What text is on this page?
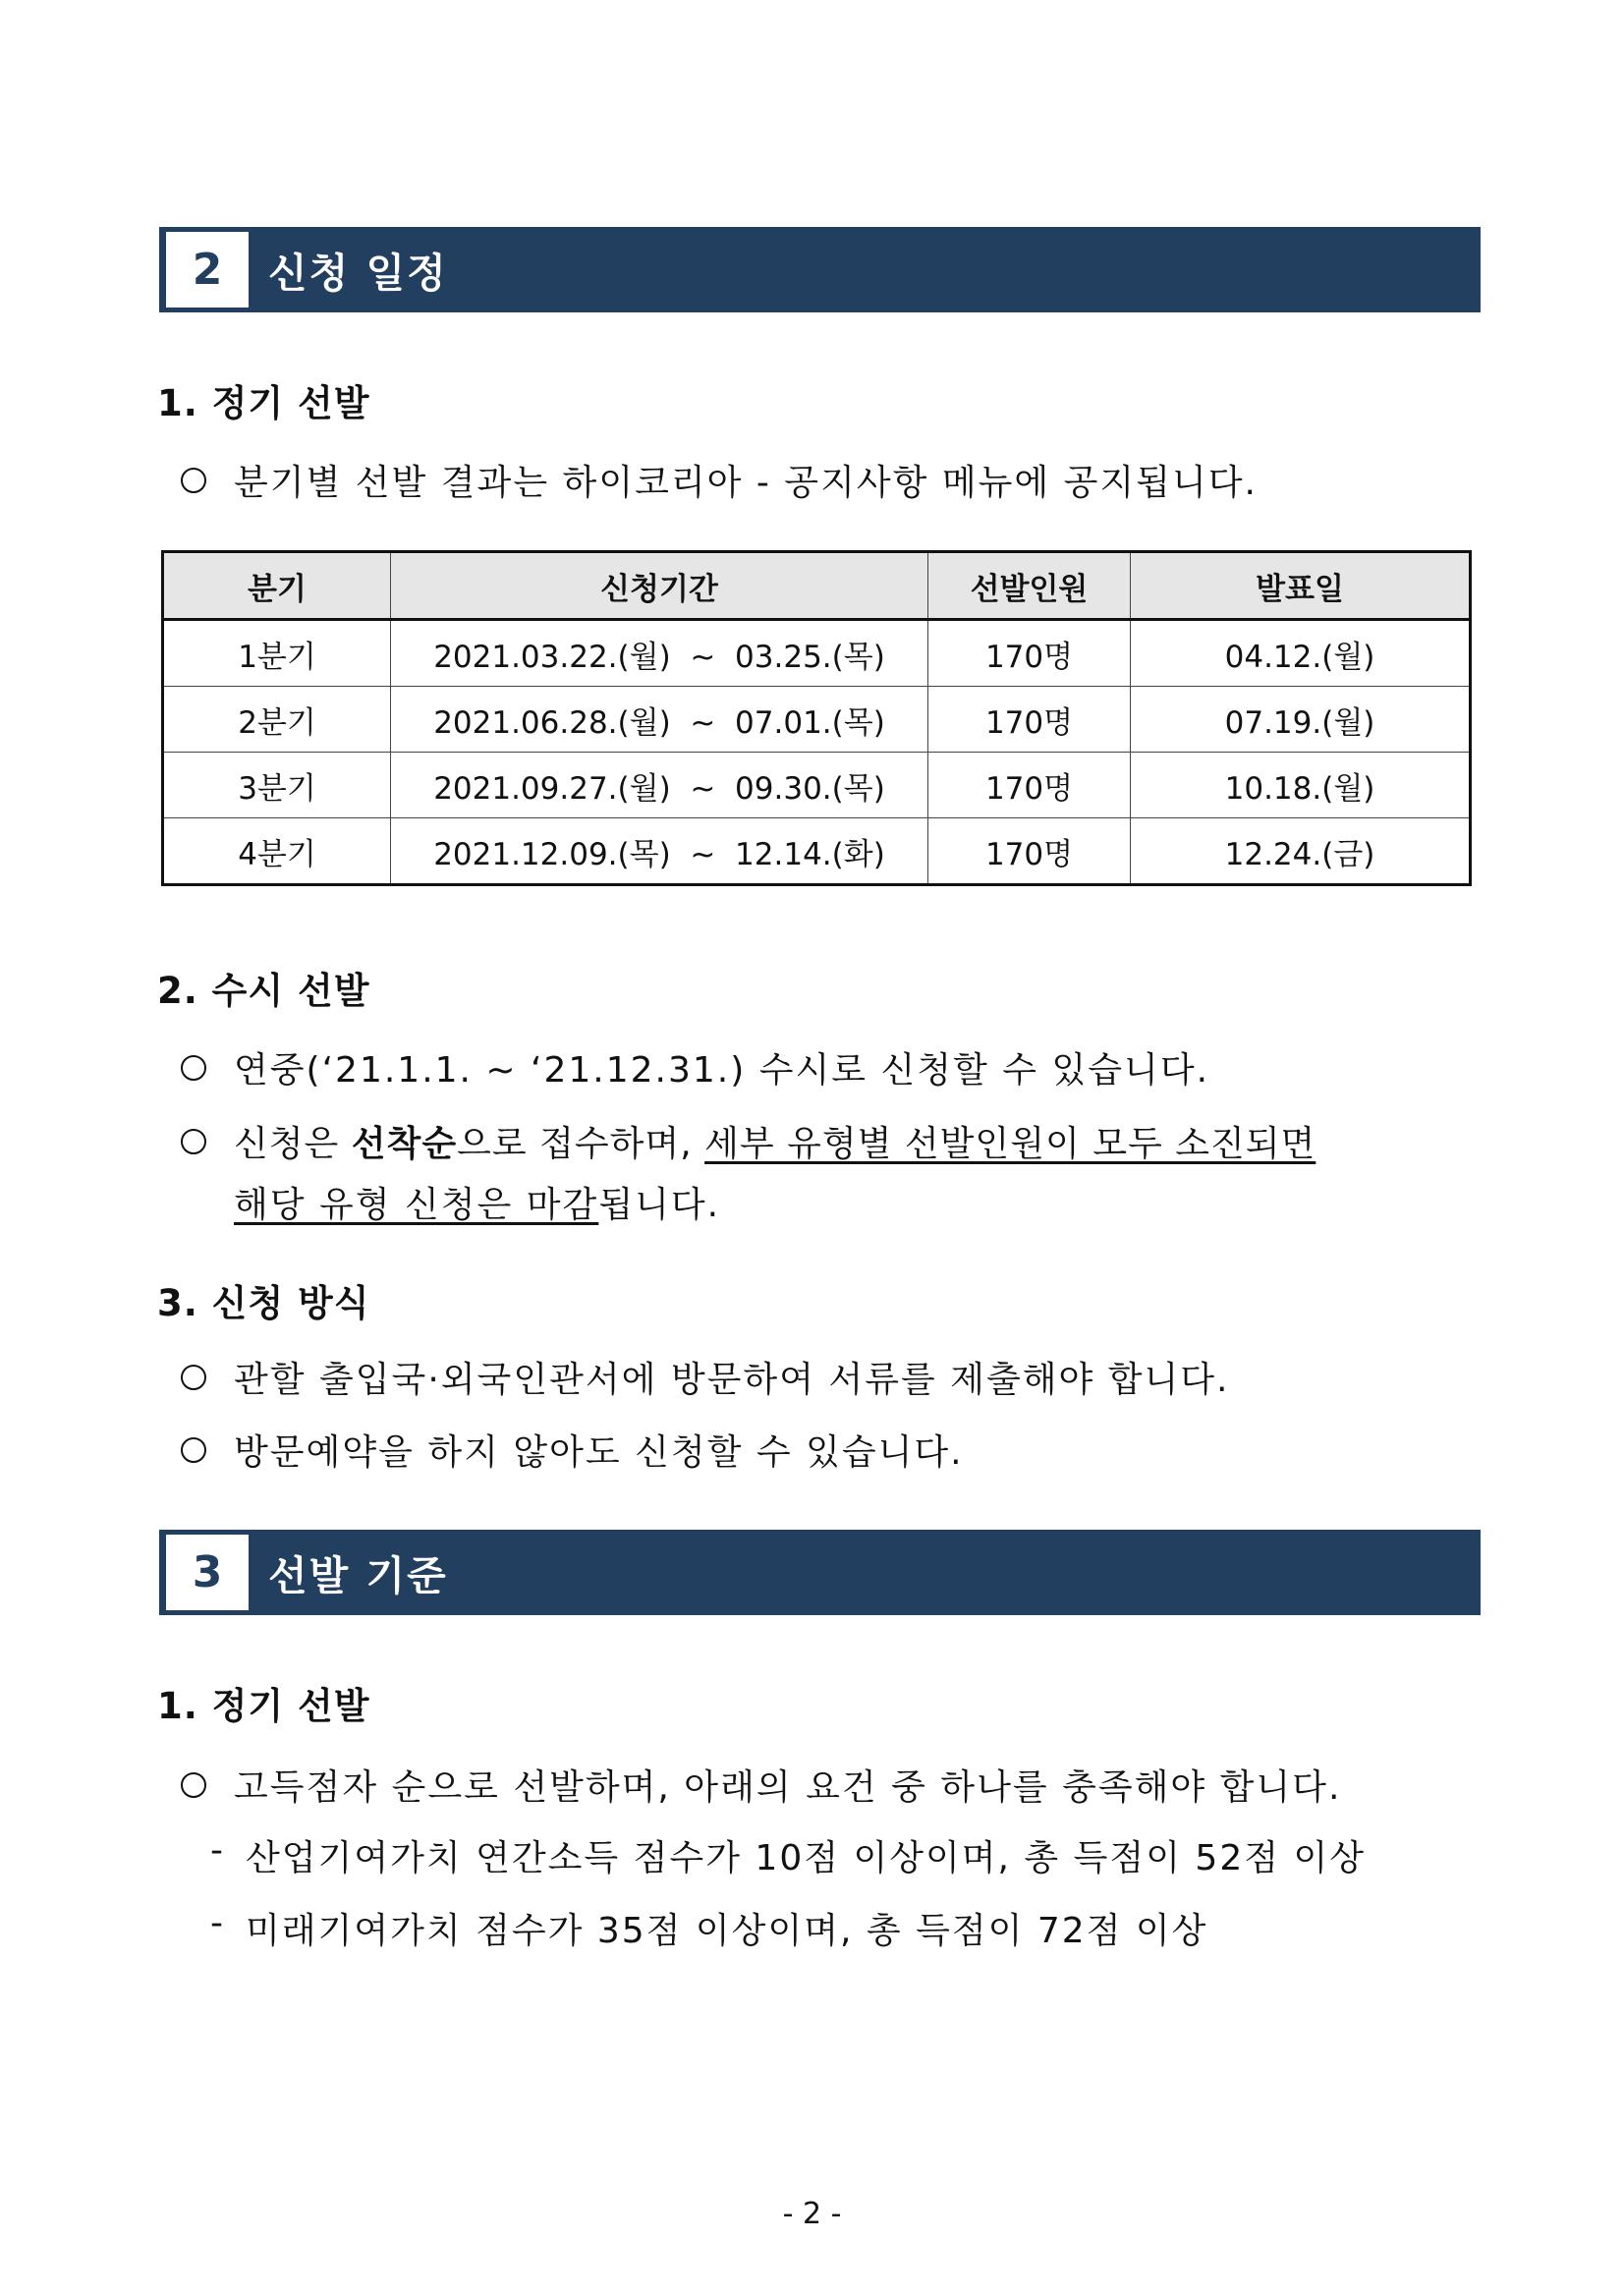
2	신청 일정
1. 정기 선발
분기별 선발 결과는 하이코리아 - 공지사항 메뉴에 공지됩니다.
분기	신청기간	선발인원	발표일
1분기	2021.03.22.(월)  ~  03.25.(목)	170명	04.12.(월)
2분기	2021.06.28.(월)  ~  07.01.(목)	170명	07.19.(월)
3분기	2021.09.27.(월)  ~  09.30.(목)	170명	10.18.(월)
4분기	2021.12.09.(목)  ~  12.14.(화)	170명	12.24.(금)
2. 수시 선발
연중(‘21.1.1. ~ ‘21.12.31.) 수시로 신청할 수 있습니다.
신청은 선착순으로 접수하며, 세부 유형별 선발인원이 모두 소진되면
해당 유형 신청은 마감됩니다.
3. 신청 방식
관할 출입국·외국인관서에 방문하여 서류를 제출해야 합니다.
방문예약을 하지 않아도 신청할 수 있습니다.
3	선발 기준
1. 정기 선발
고득점자 순으로 선발하며, 아래의 요건 중 하나를 충족해야 합니다.
- 산업기여가치 연간소득 점수가 10점 이상이며, 총 득점이 52점 이상
- 미래기여가치 점수가 35점 이상이며, 총 득점이 72점 이상
- 2 -
